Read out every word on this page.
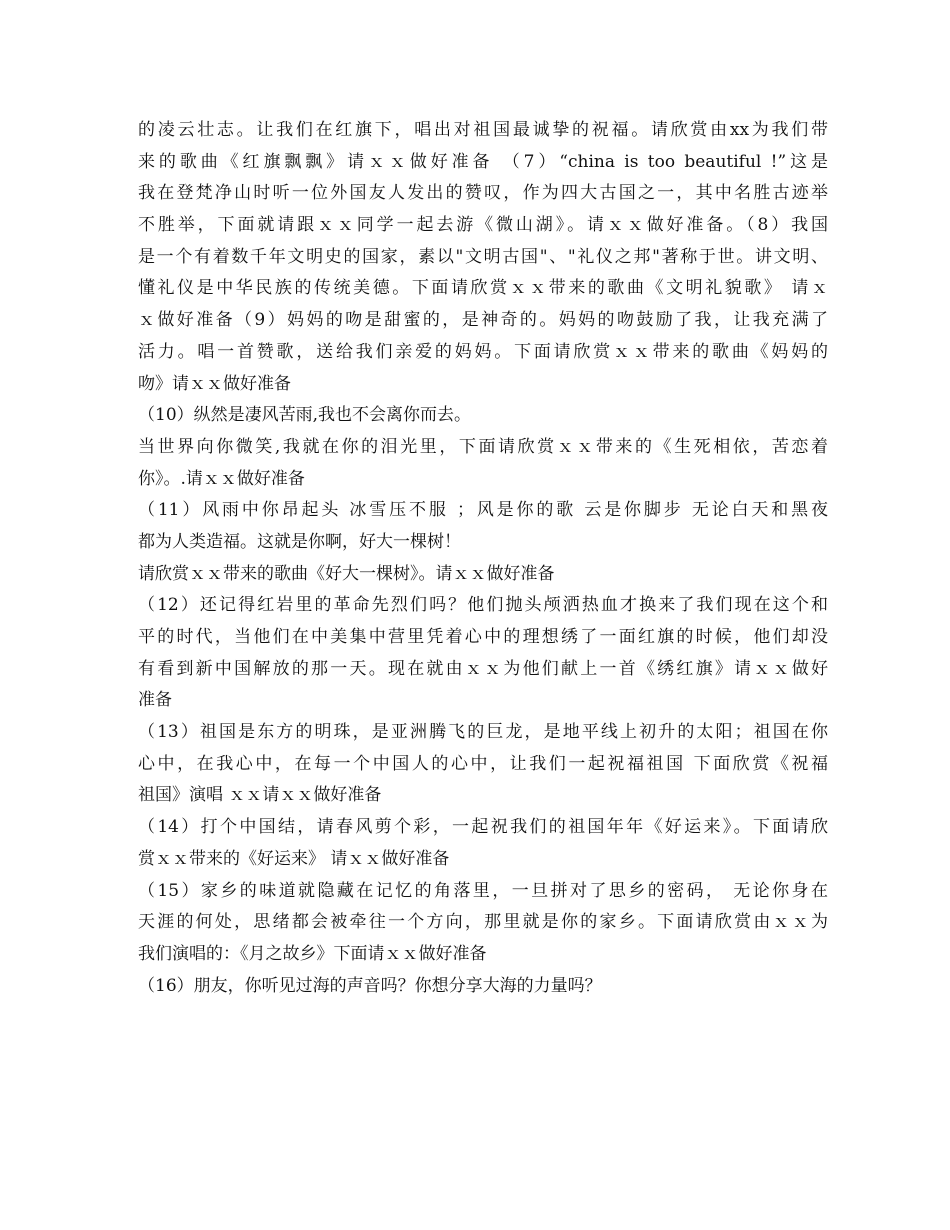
的凌云壮志。让我们在红旗下，唱出对祖国最诚挚的祝福。请欣赏由xx为我们带
来的歌曲《红旗飘飘》请ｘｘ做好准备 （7）“china is too beautiful !”这是
我在登梵净山时听一位外国友人发出的赞叹，作为四大古国之一，其中名胜古迹举
不胜举，下面就请跟ｘｘ同学一起去游《微山湖》。请ｘｘ做好准备。（8）我国
是一个有着数千年文明史的国家，素以"文明古国"、"礼仪之邦"著称于世。讲文明、
懂礼仪是中华民族的传统美德。下面请欣赏ｘｘ带来的歌曲《文明礼貌歌》 请ｘ
ｘ做好准备（9）妈妈的吻是甜蜜的，是神奇的。妈妈的吻鼓励了我，让我充满了
活力。唱一首赞歌，送给我们亲爱的妈妈。下面请欣赏ｘｘ带来的歌曲《妈妈的
吻》请ｘｘ做好准备
（10）纵然是凄风苦雨,我也不会离你而去。
当世界向你微笑,我就在你的泪光里，下面请欣赏ｘｘ带来的《生死相依，苦恋着
你》。.请ｘｘ做好准备
（11）风雨中你昂起头 冰雪压不服 ；风是你的歌 云是你脚步 无论白天和黑夜
都为人类造福。这就是你啊，好大一棵树！
请欣赏ｘｘ带来的歌曲《好大一棵树》。请ｘｘ做好准备
（12）还记得红岩里的革命先烈们吗？他们抛头颅洒热血才换来了我们现在这个和
平的时代，当他们在中美集中营里凭着心中的理想绣了一面红旗的时候，他们却没
有看到新中国解放的那一天。现在就由ｘｘ为他们献上一首《绣红旗》请ｘｘ做好
准备
（13）祖国是东方的明珠，是亚洲腾飞的巨龙，是地平线上初升的太阳；祖国在你
心中，在我心中，在每一个中国人的心中，让我们一起祝福祖国 下面欣赏《祝福
祖国》演唱 ｘｘ请ｘｘ做好准备
（14）打个中国结，请春风剪个彩，一起祝我们的祖国年年《好运来》。下面请欣
赏ｘｘ带来的《好运来》 请ｘｘ做好准备
（15）家乡的味道就隐藏在记忆的角落里，一旦拼对了思乡的密码， 无论你身在
天涯的何处，思绪都会被牵往一个方向，那里就是你的家乡。下面请欣赏由ｘｘ为
我们演唱的：《月之故乡》下面请ｘｘ做好准备
（16）朋友，你听见过海的声音吗？你想分享大海的力量吗？
